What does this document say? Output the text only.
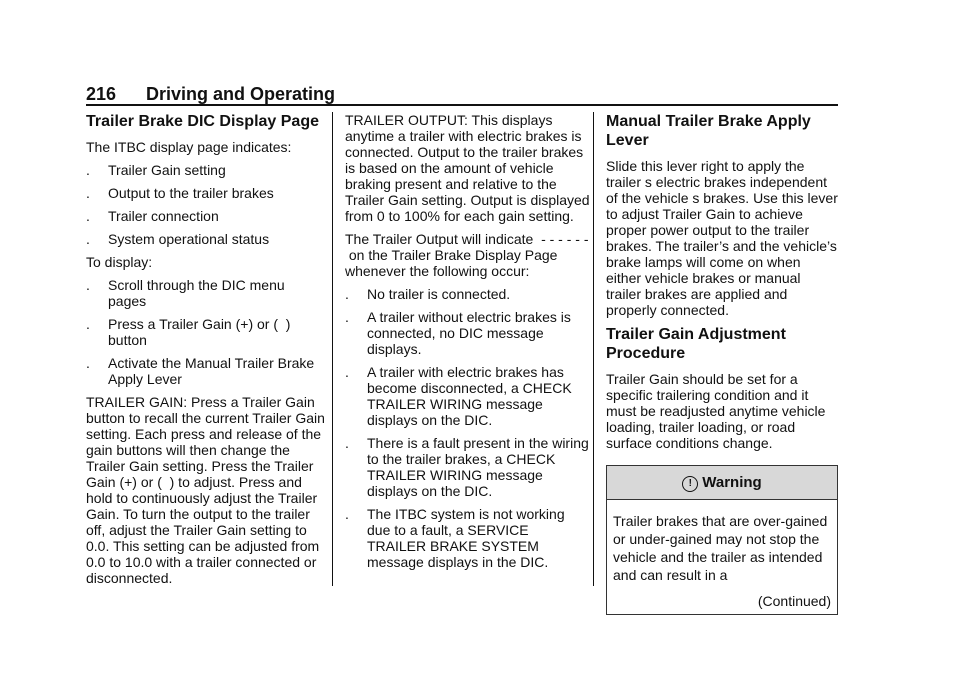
216 Driving and Operating
Trailer Brake DIC Display Page

The ITBC display page indicates:

. Trailer Gain setting
. Output to the trailer brakes
. Trailer connection
. System operational status

To display:

. Scroll through the DIC menu pages
. Press a Trailer Gain (+) or (  ) button
. Activate the Manual Trailer Brake Apply Lever

TRAILER GAIN: Press a Trailer Gain button to recall the current Trailer Gain setting. Each press and release of the gain buttons will then change the Trailer Gain setting. Press the Trailer Gain (+) or (  ) to adjust. Press and hold to continuously adjust the Trailer Gain. To turn the output to the trailer off, adjust the Trailer Gain setting to 0.0. This setting can be adjusted from 0.0 to 10.0 with a trailer connected or disconnected.

TRAILER OUTPUT: This displays anytime a trailer with electric brakes is connected. Output to the trailer brakes is based on the amount of vehicle braking present and relative to the Trailer Gain setting. Output is displayed from 0 to 100% for each gain setting.

The Trailer Output will indicate  - - - - - -  on the Trailer Brake Display Page whenever the following occur:

. No trailer is connected.
. A trailer without electric brakes is connected, no DIC message displays.
. A trailer with electric brakes has become disconnected, a CHECK TRAILER WIRING message displays on the DIC.
. There is a fault present in the wiring to the trailer brakes, a CHECK TRAILER WIRING message displays on the DIC.
. The ITBC system is not working due to a fault, a SERVICE TRAILER BRAKE SYSTEM message displays in the DIC.
Manual Trailer Brake Apply Lever

Slide this lever right to apply the trailer s electric brakes independent of the vehicle s brakes. Use this lever to adjust Trailer Gain to achieve proper power output to the trailer brakes. The trailer’s and the vehicle’s brake lamps will come on when either vehicle brakes or manual trailer brakes are applied and properly connected.

Trailer Gain Adjustment Procedure

Trailer Gain should be set for a specific trailering condition and it must be readjusted anytime vehicle loading, trailer loading, or road surface conditions change.

! Warning
Trailer brakes that are over-gained or under-gained may not stop the vehicle and the trailer as intended and can result in a
(Continued)
